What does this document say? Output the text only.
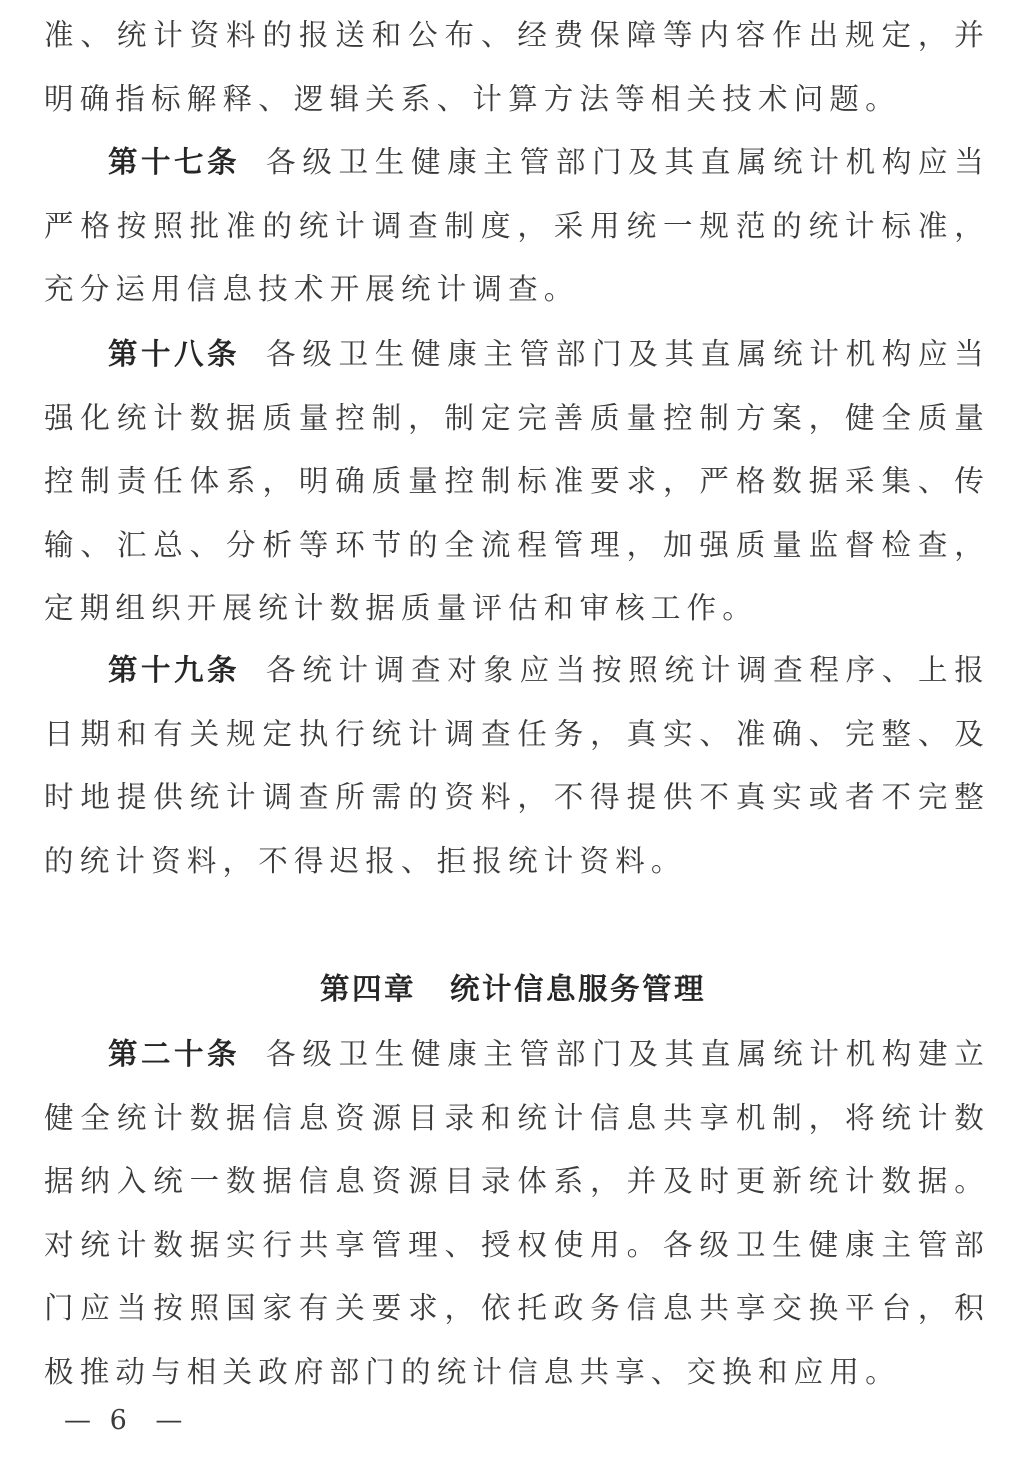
准、统计资料的报送和公布、经费保障等内容作出规定，并明确指标解释、逻辑关系、计算方法等相关技术问题。

第十七条 各级卫生健康主管部门及其直属统计机构应当严格按照批准的统计调查制度，采用统一规范的统计标准，充分运用信息技术开展统计调查。

第十八条 各级卫生健康主管部门及其直属统计机构应当强化统计数据质量控制，制定完善质量控制方案，健全质量控制责任体系，明确质量控制标准要求，严格数据采集、传输、汇总、分析等环节的全流程管理，加强质量监督检查，定期组织开展统计数据质量评估和审核工作。

第十九条 各统计调查对象应当按照统计调查程序、上报日期和有关规定执行统计调查任务，真实、准确、完整、及时地提供统计调查所需的资料，不得提供不真实或者不完整的统计资料，不得迟报、拒报统计资料。

第四章 统计信息服务管理

第二十条 各级卫生健康主管部门及其直属统计机构建立健全统计数据信息资源目录和统计信息共享机制，将统计数据纳入统一数据信息资源目录体系，并及时更新统计数据。对统计数据实行共享管理、授权使用。各级卫生健康主管部门应当按照国家有关要求，依托政务信息共享交换平台，积极推动与相关政府部门的统计信息共享、交换和应用。

— 6 —
